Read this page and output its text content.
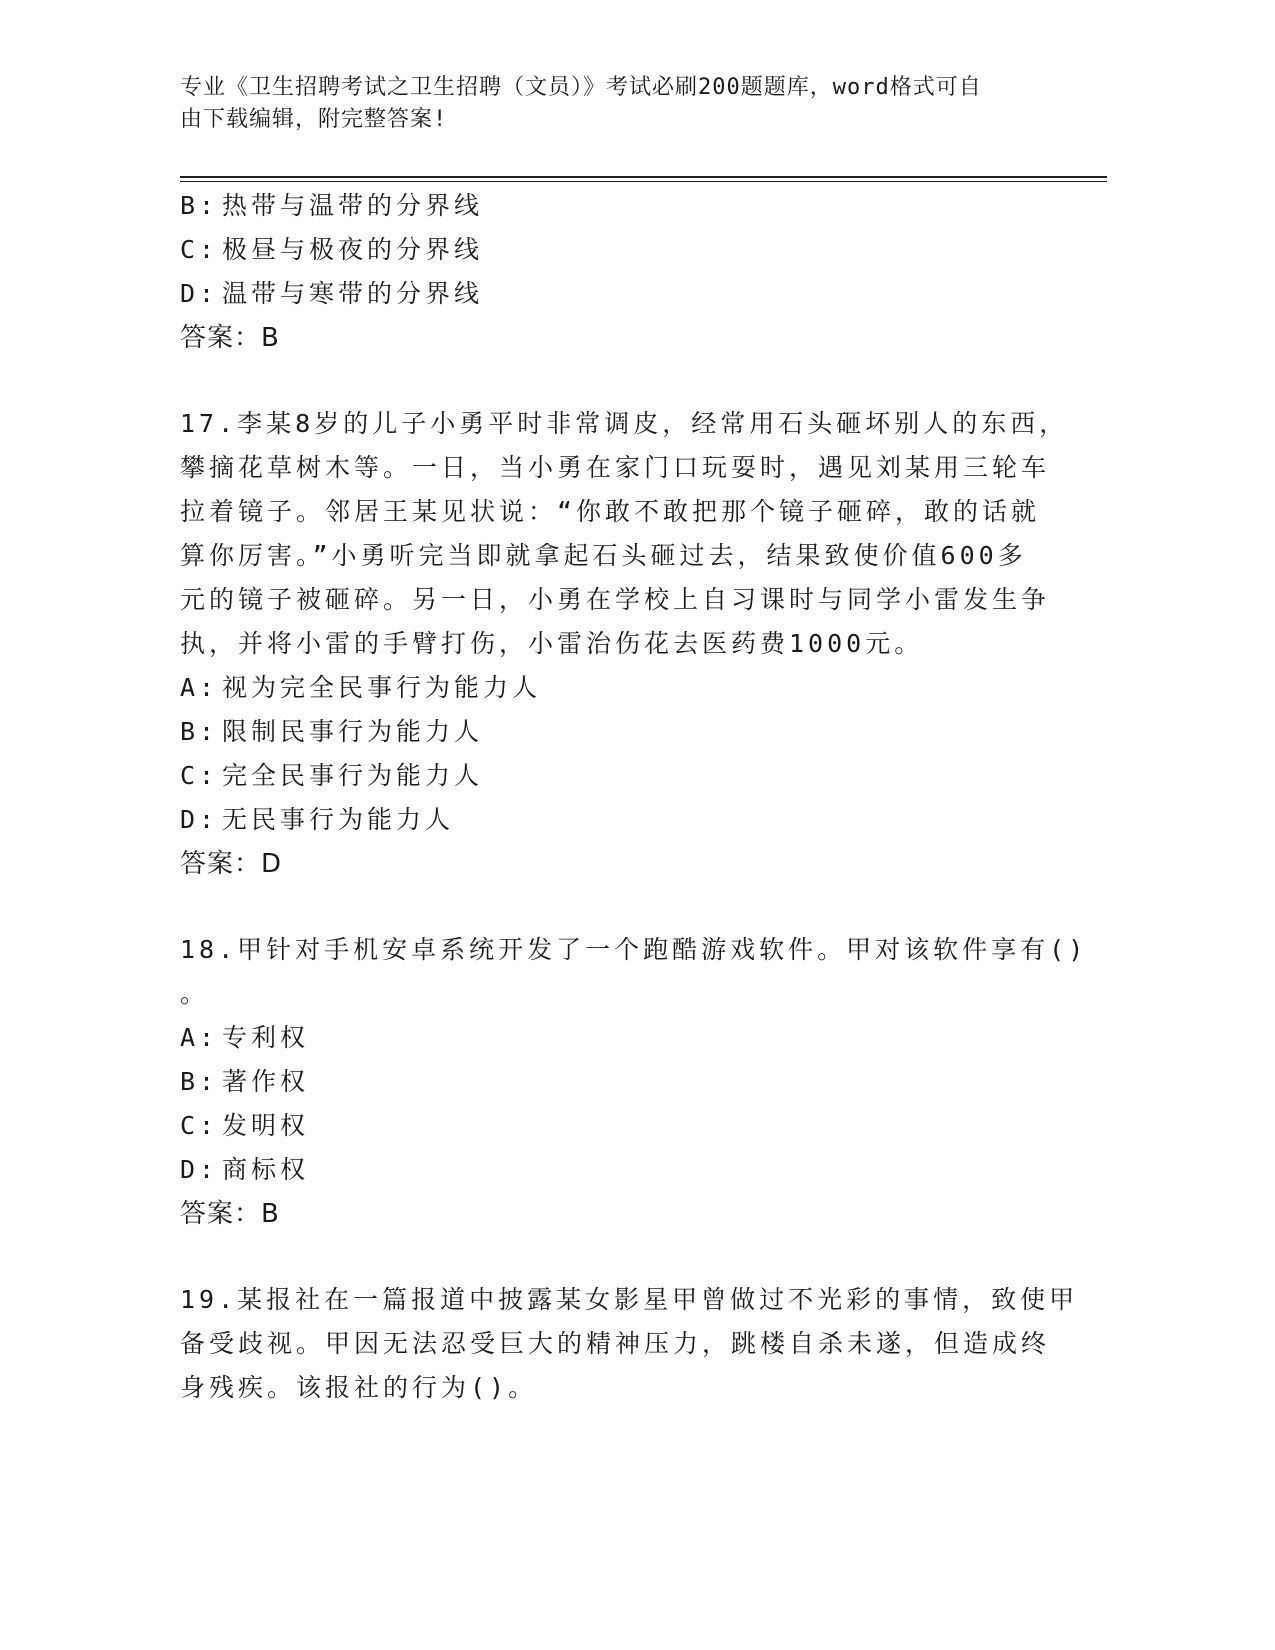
专业《卫生招聘考试之卫生招聘（文员）》考试必刷200题题库，word格式可自
由下载编辑，附完整答案!
B: 热带与温带的分界线
C: 极昼与极夜的分界线
D: 温带与寒带的分界线
答案：B
17.李某8岁的儿子小勇平时非常调皮，经常用石头砸坏别人的东西，
攀摘花草树木等。一日，当小勇在家门口玩耍时，遇见刘某用三轮车
拉着镜子。邻居王某见状说：“你敢不敢把那个镜子砸碎，敢的话就
算你厉害。”小勇听完当即就拿起石头砸过去，结果致使价值600多
元的镜子被砸碎。另一日，小勇在学校上自习课时与同学小雷发生争
执，并将小雷的手臂打伤，小雷治伤花去医药费1000元。
A: 视为完全民事行为能力人
B: 限制民事行为能力人
C: 完全民事行为能力人
D: 无民事行为能力人
答案：D
18.甲针对手机安卓系统开发了一个跑酷游戏软件。甲对该软件享有()
。
A: 专利权
B: 著作权
C: 发明权
D: 商标权
答案：B
19.某报社在一篇报道中披露某女影星甲曾做过不光彩的事情，致使甲
备受歧视。甲因无法忍受巨大的精神压力，跳楼自杀未遂，但造成终
身残疾。该报社的行为()。
